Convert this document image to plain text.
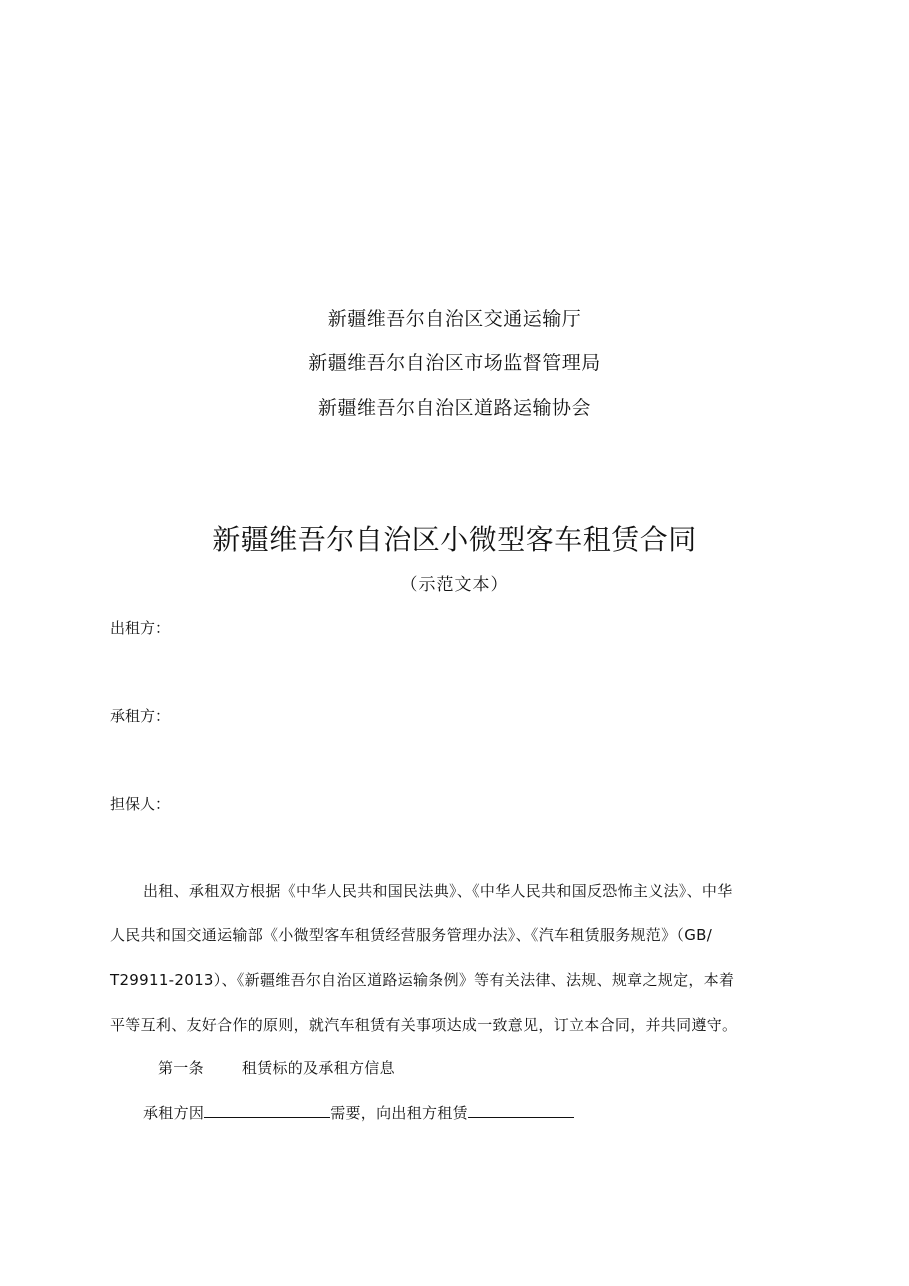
新疆维吾尔自治区交通运输厅

新疆维吾尔自治区市场监督管理局

新疆维吾尔自治区道路运输协会

新疆维吾尔自治区小微型客车租赁合同

（示范文本）

出租方：

承租方：

担保人：

出租、承租双方根据《中华人民共和国民法典》、《中华人民共和国反恐怖主义法》、中华

人民共和国交通运输部《小微型客车租赁经营服务管理办法》、《汽车租赁服务规范》（GB/

T29911-2013）、《新疆维吾尔自治区道路运输条例》等有关法律、法规、规章之规定，本着

平等互利、友好合作的原则，就汽车租赁有关事项达成一致意见，订立本合同，并共同遵守。

第一条	租赁标的及承租方信息

承租方因	需要，向出租方租赁
